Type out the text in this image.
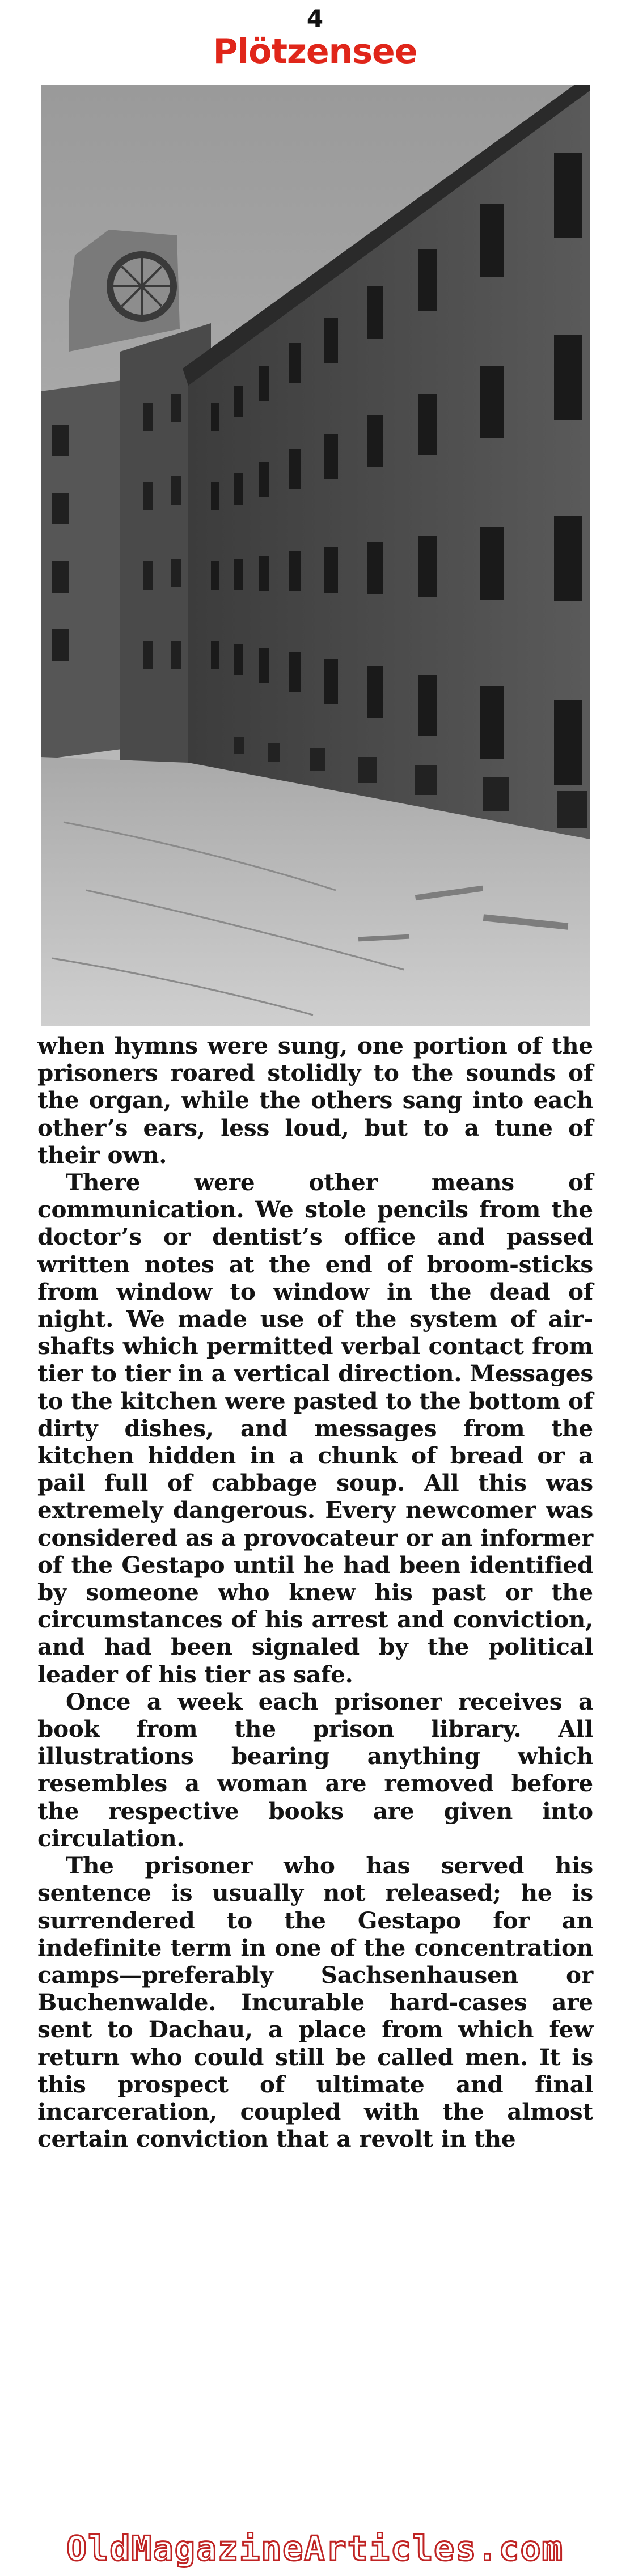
4
Plötzensee

when hymns were sung, one portion of the prisoners roared stolidly to the sounds of the organ, while the others sang into each other’s ears, less loud, but to a tune of their own.

There were other means of communication. We stole pencils from the doctor’s or dentist’s office and passed written notes at the end of broom-sticks from window to window in the dead of night. We made use of the system of air-shafts which permitted verbal contact from tier to tier in a vertical direction. Messages to the kitchen were pasted to the bottom of dirty dishes, and messages from the kitchen hidden in a chunk of bread or a pail full of cabbage soup. All this was extremely dangerous. Every newcomer was considered as a provocateur or an informer of the Gestapo until he had been identified by someone who knew his past or the circumstances of his arrest and conviction, and had been signaled by the political leader of his tier as safe.

Once a week each prisoner receives a book from the prison library. All illustrations bearing anything which resembles a woman are removed before the respective books are given into circulation.

The prisoner who has served his sentence is usually not released; he is surrendered to the Gestapo for an indefinite term in one of the concentration camps—preferably Sachsenhausen or Buchenwalde. Incurable hard-cases are sent to Dachau, a place from which few return who could still be called men. It is this prospect of ultimate and final incarceration, coupled with the almost certain conviction that a revolt in the

OldMagazineArticles.com
